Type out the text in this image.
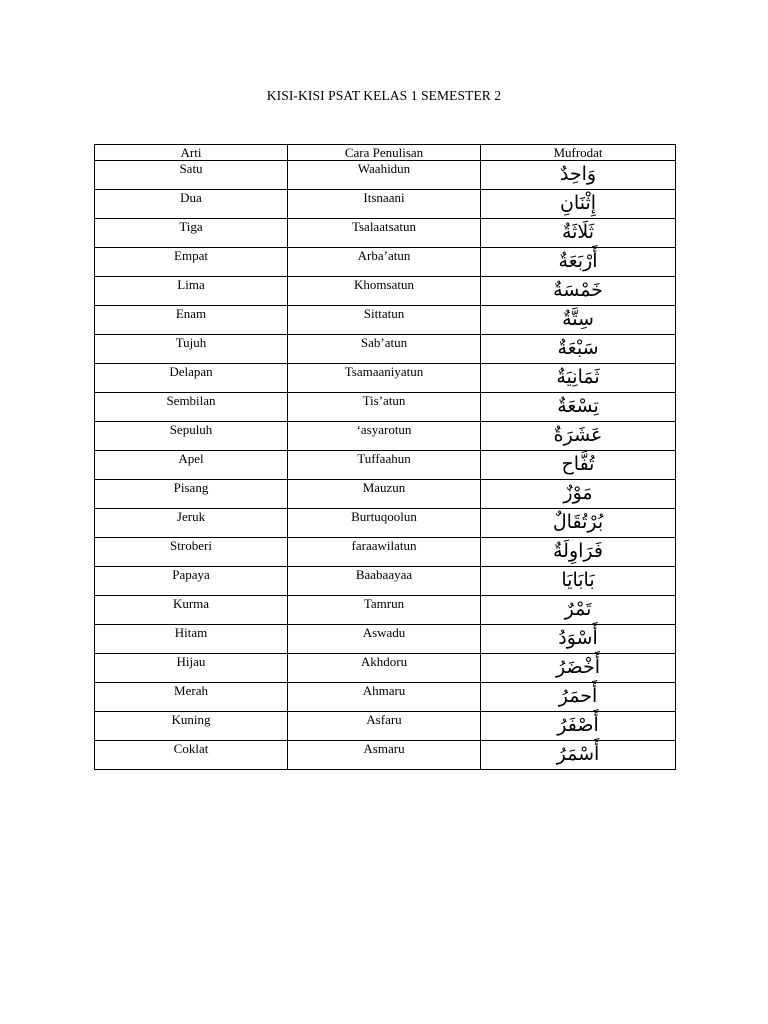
KISI-KISI PSAT KELAS 1 SEMESTER 2
Arti	Cara Penulisan	Mufrodat
Satu	Waahidun	وَاحِدٌ
Dua	Itsnaani	إِثْنَانِ
Tiga	Tsalaatsatun	ثَلَاثَةٌ
Empat	Arba’atun	أَرْبَعَةٌ
Lima	Khomsatun	خَمْسَةٌ
Enam	Sittatun	سِتَّةٌ
Tujuh	Sab’atun	سَبْعَةٌ
Delapan	Tsamaaniyatun	ثَمَانِيَةٌ
Sembilan	Tis’atun	تِسْعَةٌ
Sepuluh	‘asyarotun	عَشَرَةٌ
Apel	Tuffaahun	تُفَّاح
Pisang	Mauzun	مَوْزٌ
Jeruk	Burtuqoolun	بُرْتُقَالٌ
Stroberi	faraawilatun	فَرَاوِلَةٌ
Papaya	Baabaayaa	بَابَايَا
Kurma	Tamrun	تَمْرٌ
Hitam	Aswadu	أَسْوَدُ
Hijau	Akhdoru	أَخْضَرُ
Merah	Ahmaru	أَحمَرُ
Kuning	Asfaru	أَصْفَرُ
Coklat	Asmaru	أَسْمَرُ
